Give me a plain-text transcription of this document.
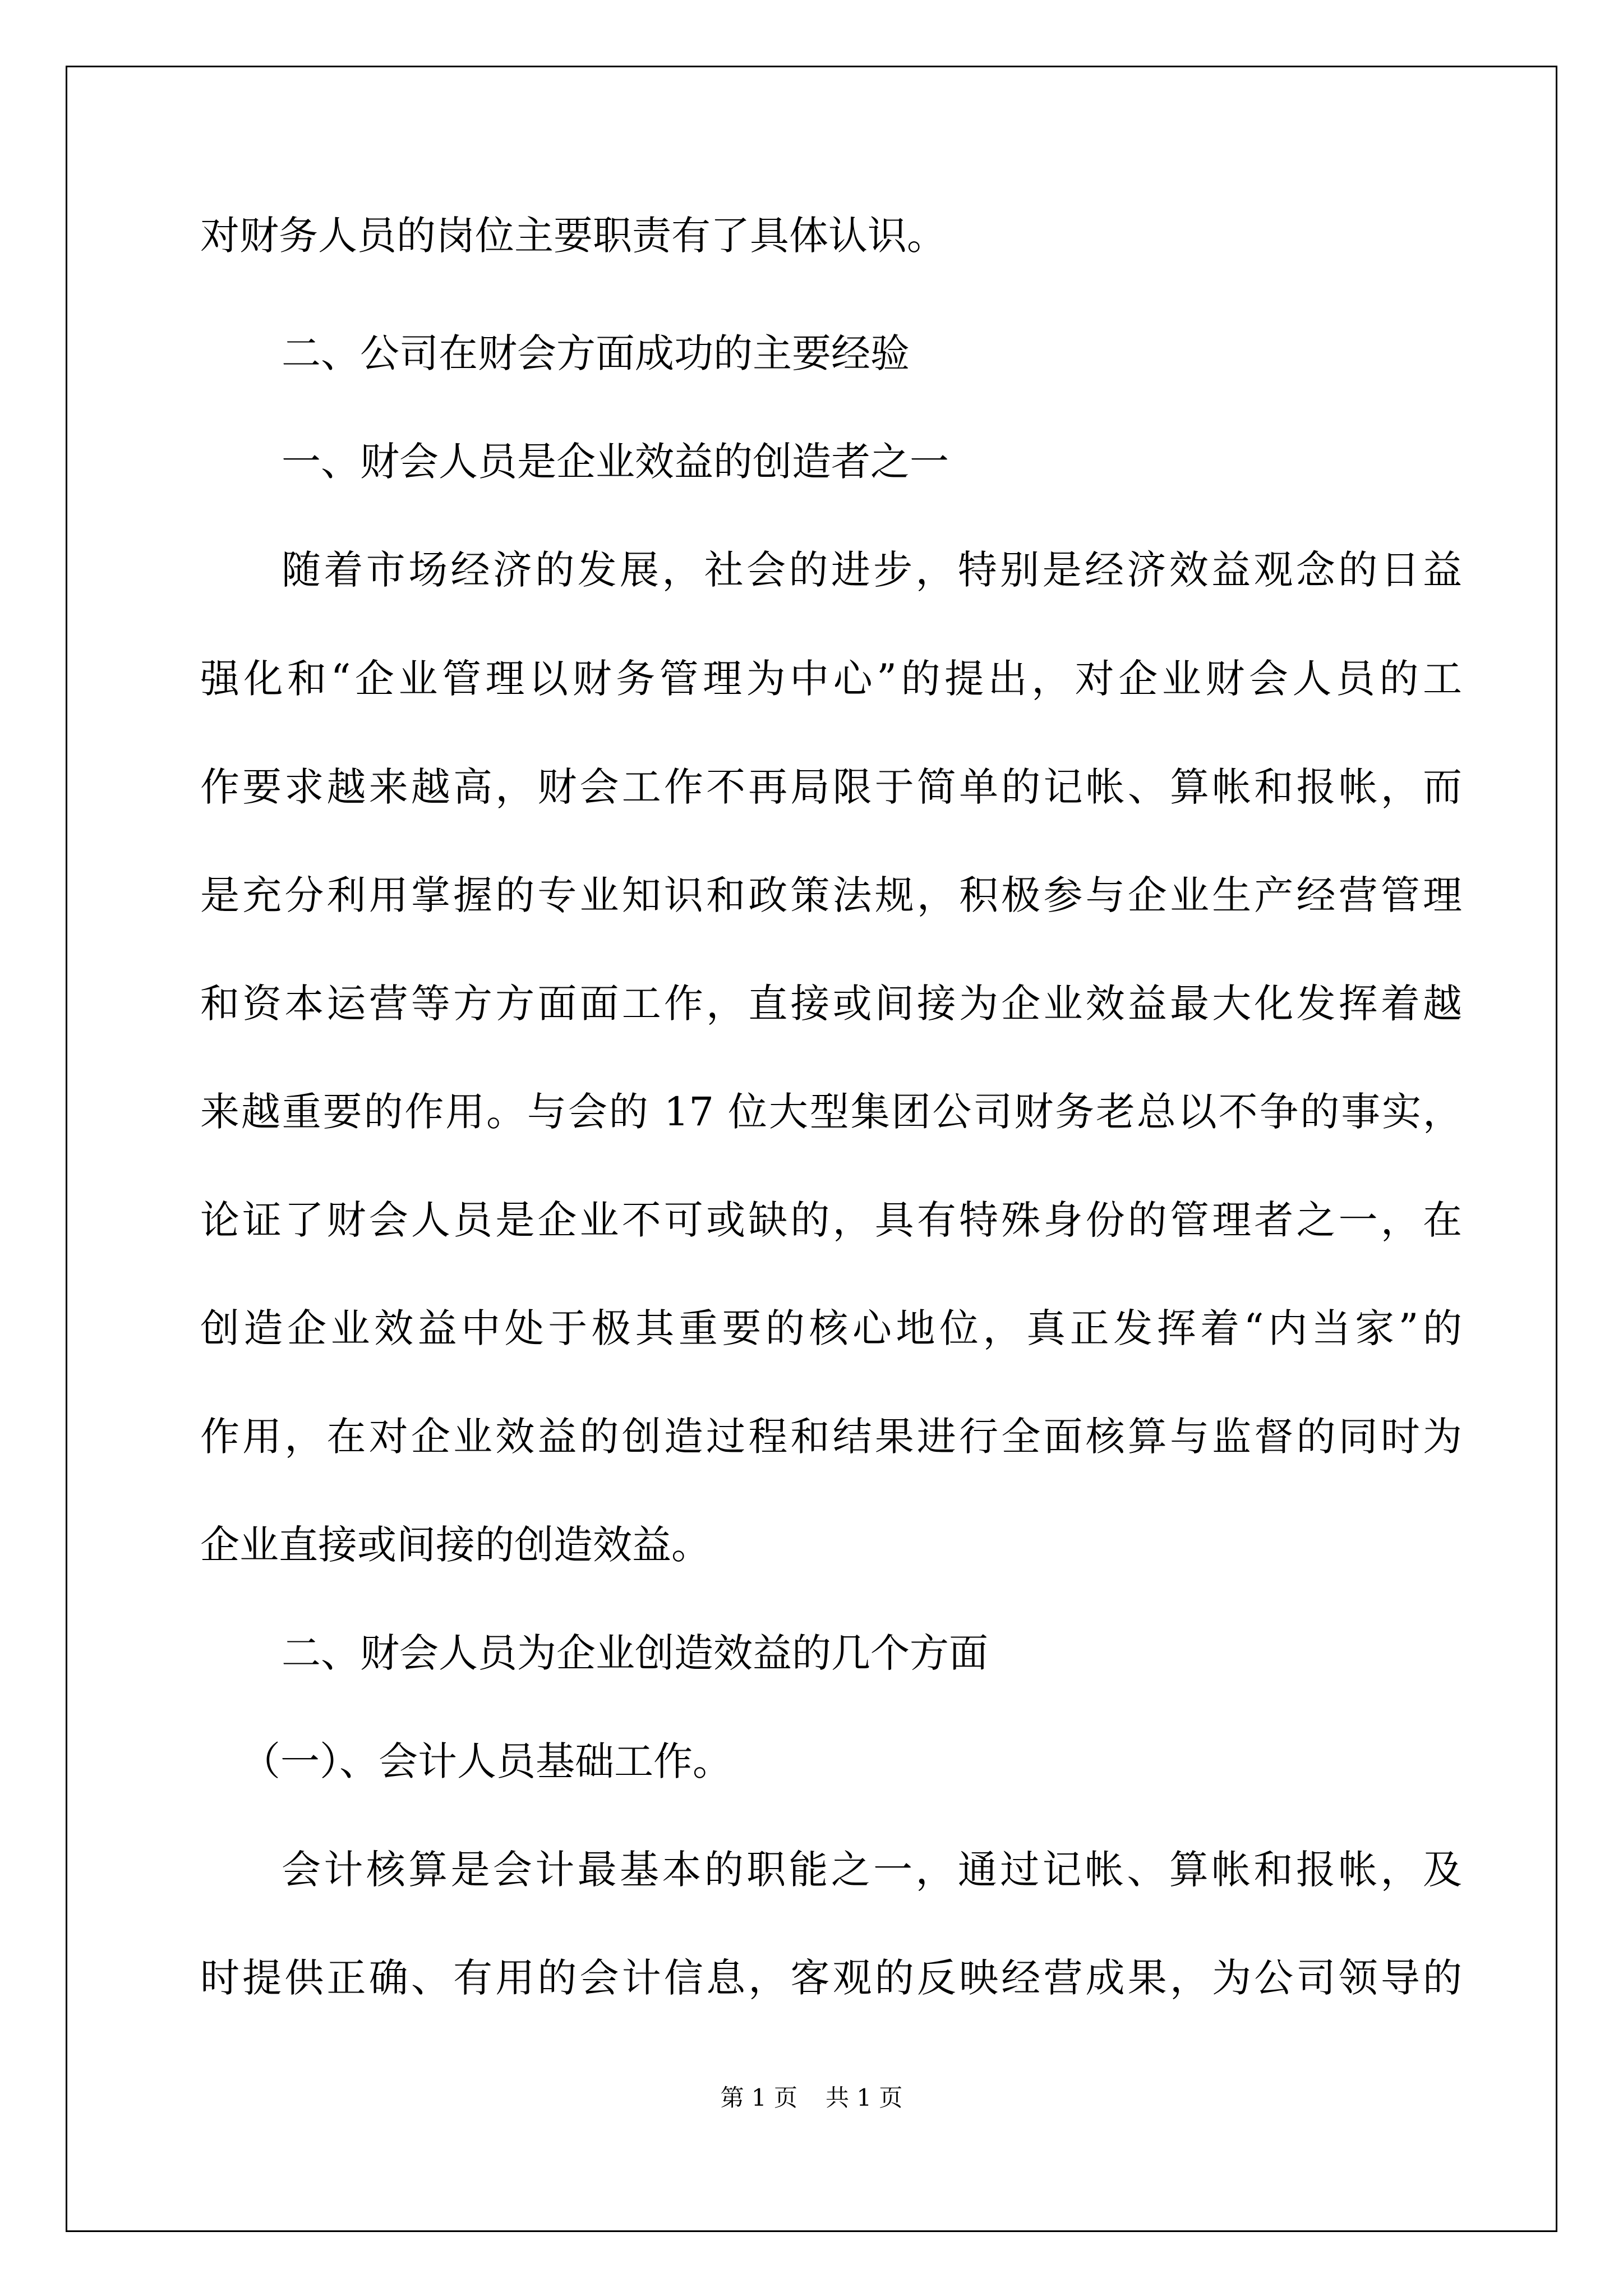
对财务人员的岗位主要职责有了具体认识。

二、公司在财会方面成功的主要经验

一、财会人员是企业效益的创造者之一

随着市场经济的发展，社会的进步，特别是经济效益观念的日益

强化和“企业管理以财务管理为中心”的提出，对企业财会人员的工

作要求越来越高，财会工作不再局限于简单的记帐、算帐和报帐，而

是充分利用掌握的专业知识和政策法规，积极参与企业生产经营管理

和资本运营等方方面面工作，直接或间接为企业效益最大化发挥着越

来越重要的作用。与会的 17 位大型集团公司财务老总以不争的事实，

论证了财会人员是企业不可或缺的，具有特殊身份的管理者之一，在

创造企业效益中处于极其重要的核心地位，真正发挥着“内当家”的

作用，在对企业效益的创造过程和结果进行全面核算与监督的同时为

企业直接或间接的创造效益。

二、财会人员为企业创造效益的几个方面

（一）、会计人员基础工作。

会计核算是会计最基本的职能之一，通过记帐、算帐和报帐，及

时提供正确、有用的会计信息，客观的反映经营成果，为公司领导的

第 1 页 共 1 页
